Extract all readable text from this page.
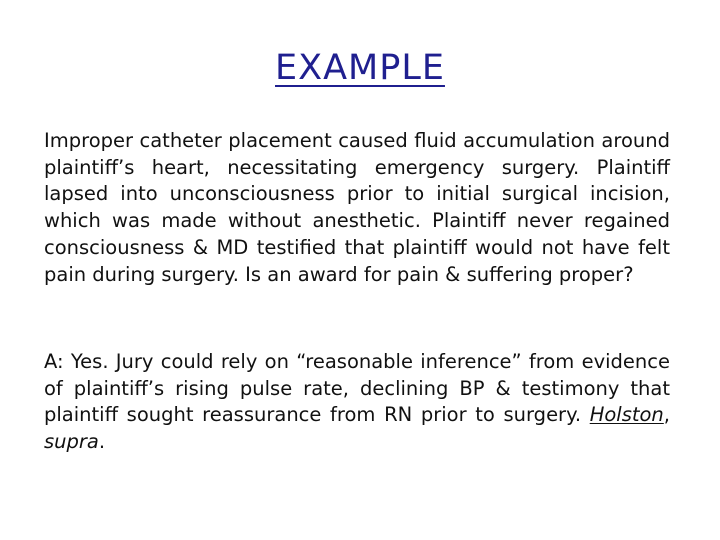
EXAMPLE

Improper catheter placement caused fluid accumulation around plaintiff’s heart, necessitating emergency surgery. Plaintiff lapsed into unconsciousness prior to initial surgical incision, which was made without anesthetic. Plaintiff never regained consciousness & MD testified that plaintiff would not have felt pain during surgery. Is an award for pain & suffering proper?

A: Yes. Jury could rely on “reasonable inference” from evidence of plaintiff’s rising pulse rate, declining BP & testimony that plaintiff sought reassurance from RN prior to surgery. Holston, supra.
